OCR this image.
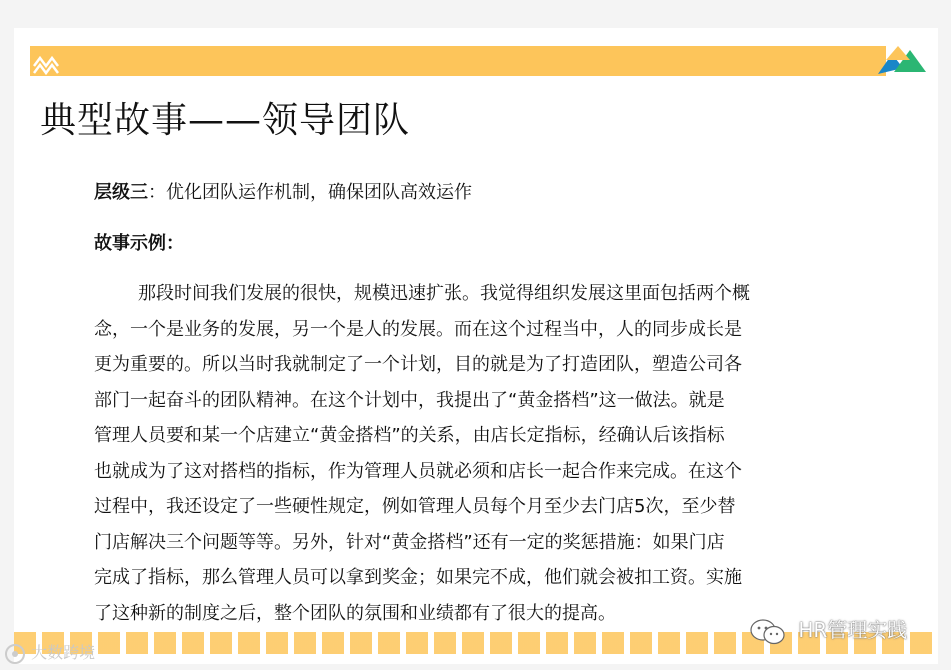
典型故事——领导团队
层级三：优化团队运作机制，确保团队高效运作
故事示例：
那段时间我们发展的很快，规模迅速扩张。我觉得组织发展这里面包括两个概
念，一个是业务的发展，另一个是人的发展。而在这个过程当中，人的同步成长是
更为重要的。所以当时我就制定了一个计划，目的就是为了打造团队，塑造公司各
部门一起奋斗的团队精神。在这个计划中，我提出了“黄金搭档”这一做法。就是
管理人员要和某一个店建立“黄金搭档”的关系，由店长定指标，经确认后该指标
也就成为了这对搭档的指标，作为管理人员就必须和店长一起合作来完成。在这个
过程中，我还设定了一些硬性规定，例如管理人员每个月至少去门店5次，至少替
门店解决三个问题等等。另外，针对“黄金搭档”还有一定的奖惩措施：如果门店
完成了指标，那么管理人员可以拿到奖金；如果完不成，他们就会被扣工资。实施
了这种新的制度之后，整个团队的氛围和业绩都有了很大的提高。
大数跨境
HR管理实践
